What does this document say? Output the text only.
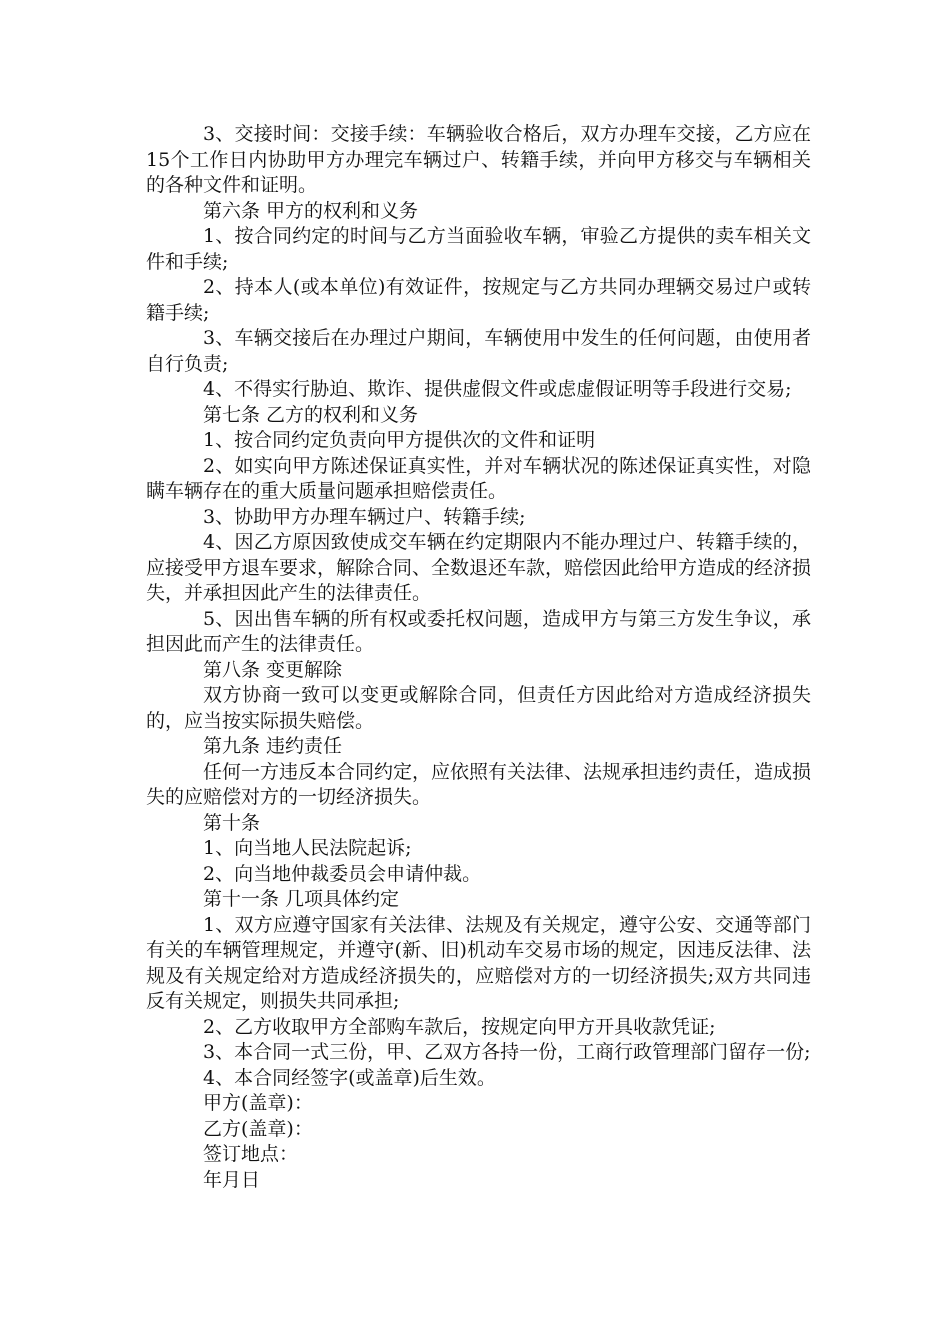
3、交接时间：交接手续：车辆验收合格后，双方办理车交接，乙方应在15个工作日内协助甲方办理完车辆过户、转籍手续，并向甲方移交与车辆相关的各种文件和证明。

第六条 甲方的权利和义务

1、按合同约定的时间与乙方当面验收车辆，审验乙方提供的卖车相关文件和手续;

2、持本人(或本单位)有效证件，按规定与乙方共同办理辆交易过户或转籍手续;

3、车辆交接后在办理过户期间，车辆使用中发生的任何问题，由使用者自行负责;

4、不得实行胁迫、欺诈、提供虚假文件或虑虚假证明等手段进行交易;

第七条 乙方的权利和义务

1、按合同约定负责向甲方提供次的文件和证明

2、如实向甲方陈述保证真实性，并对车辆状况的陈述保证真实性，对隐瞒车辆存在的重大质量问题承担赔偿责任。

3、协助甲方办理车辆过户、转籍手续;

4、因乙方原因致使成交车辆在约定期限内不能办理过户、转籍手续的，应接受甲方退车要求，解除合同、全数退还车款，赔偿因此给甲方造成的经济损失，并承担因此产生的法律责任。

5、因出售车辆的所有权或委托权问题，造成甲方与第三方发生争议，承担因此而产生的法律责任。

第八条 变更解除

双方协商一致可以变更或解除合同，但责任方因此给对方造成经济损失的，应当按实际损失赔偿。

第九条 违约责任

任何一方违反本合同约定，应依照有关法律、法规承担违约责任，造成损失的应赔偿对方的一切经济损失。

第十条

1、向当地人民法院起诉;

2、向当地仲裁委员会申请仲裁。

第十一条 几项具体约定

1、双方应遵守国家有关法律、法规及有关规定，遵守公安、交通等部门有关的车辆管理规定，并遵守(新、旧)机动车交易市场的规定，因违反法律、法规及有关规定给对方造成经济损失的，应赔偿对方的一切经济损失;双方共同违反有关规定，则损失共同承担;

2、乙方收取甲方全部购车款后，按规定向甲方开具收款凭证;

3、本合同一式三份，甲、乙双方各持一份，工商行政管理部门留存一份;

4、本合同经签字(或盖章)后生效。

甲方(盖章)：

乙方(盖章)：

签订地点：

年月日
